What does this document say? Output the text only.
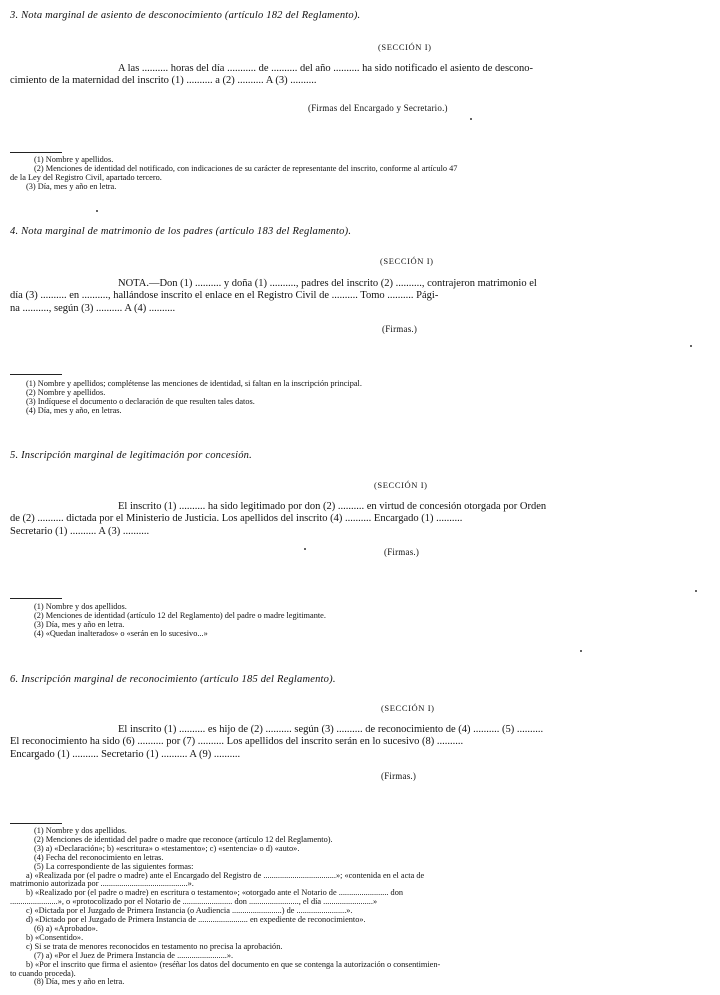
3. Nota marginal de asiento de desconocimiento (artículo 182 del Reglamento).
(SECCIÓN I)
A las .......... horas del día ........... de .......... del año .......... ha sido notificado el asiento de descono-
cimiento de la maternidad del inscrito (1) .......... a (2) .......... A (3) ..........
(Firmas del Encargado y Secretario.)
(1) Nombre y apellidos.
(2) Menciones de identidad del notificado, con indicaciones de su carácter de representante del inscrito, conforme al artículo 47
de la Ley del Registro Civil, apartado tercero.
(3) Día, mes y año en letra.
4. Nota marginal de matrimonio de los padres (artículo 183 del Reglamento).
(SECCIÓN I)
NOTA.—Don (1) .......... y doña (1) .........., padres del inscrito (2) .........., contrajeron matrimonio el
día (3) .......... en .........., hallándose inscrito el enlace en el Registro Civil de .......... Tomo .......... Pági-
na .........., según (3) .......... A (4) ..........
(Firmas.)
(1) Nombre y apellidos; complétense las menciones de identidad, si faltan en la inscripción principal.
(2) Nombre y apellidos.
(3) Indíquese el documento o declaración de que resulten tales datos.
(4) Día, mes y año, en letras.
5. Inscripción marginal de legitimación por concesión.
(SECCIÓN I)
El inscrito (1) .......... ha sido legitimado por don (2) .......... en virtud de concesión otorgada por Orden
de (2) .......... dictada por el Ministerio de Justicia. Los apellidos del inscrito (4) .......... Encargado (1) ..........
Secretario (1) .......... A (3) ..........
(Firmas.)
(1) Nombre y dos apellidos.
(2) Menciones de identidad (artículo 12 del Reglamento) del padre o madre legitimante.
(3) Día, mes y año en letra.
(4) «Quedan inalterados» o «serán en lo sucesivo...»
6. Inscripción marginal de reconocimiento (artículo 185 del Reglamento).
(SECCIÓN I)
El inscrito (1) .......... es hijo de (2) .......... según (3) .......... de reconocimiento de (4) .......... (5) ..........
El reconocimiento ha sido (6) .......... por (7) .......... Los apellidos del inscrito serán en lo sucesivo (8) ..........
Encargado (1) .......... Secretario (1) .......... A (9) ..........
(Firmas.)
(1) Nombre y dos apellidos.
(2) Menciones de identidad del padre o madre que reconoce (artículo 12 del Reglamento).
(3) a) «Declaración»; b) «escritura» o «testamento»; c) «sentencia» o d) «auto».
(4) Fecha del reconocimiento en letras.
(5) La correspondiente de las siguientes formas:
a) «Realizada por (el padre o madre) ante el Encargado del Registro de ...................................»; «contenida en el acta de
matrimonio autorizada por ..........................................».
b) «Realizado por (el padre o madre) en escritura o testamento»; «otorgado ante el Notario de ........................ don
.......................», o «protocolizado por el Notario de ........................ don ........................, el día ........................»
c) «Dictada por el Juzgado de Primera Instancia (o Audiencia ........................) de ........................».
d) «Dictado por el Juzgado de Primera Instancia de ........................ en expediente de reconocimiento».
(6) a) «Aprobado».
b) «Consentido».
c) Si se trata de menores reconocidos en testamento no precisa la aprobación.
(7) a) «Por el Juez de Primera Instancia de ........................».
b) «Por el inscrito que firma el asiento» (reséñar los datos del documento en que se contenga la autorización o consentimien-
to cuando proceda).
(8) Día, mes y año en letra.
